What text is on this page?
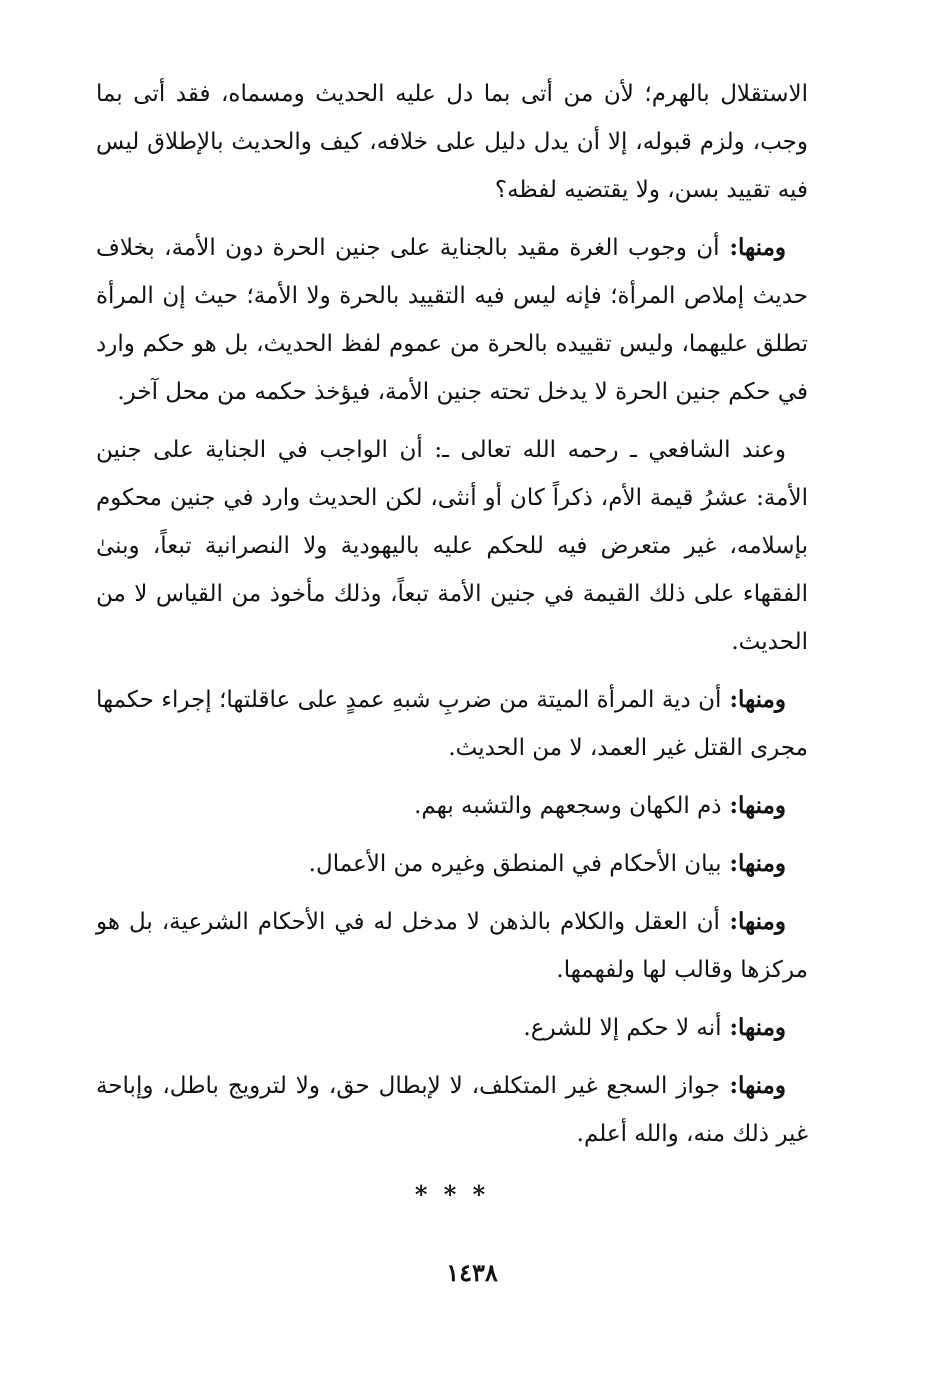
الاستقلال بالهرم؛ لأن من أتى بما دل عليه الحديث ومسماه، فقد أتى بما وجب، ولزم قبوله، إلا أن يدل دليل على خلافه، كيف والحديث بالإطلاق ليس فيه تقييد بسن، ولا يقتضيه لفظه؟

ومنها: أن وجوب الغرة مقيد بالجناية على جنين الحرة دون الأمة، بخلاف حديث إملاص المرأة؛ فإنه ليس فيه التقييد بالحرة ولا الأمة؛ حيث إن المرأة تطلق عليهما، وليس تقييده بالحرة من عموم لفظ الحديث، بل هو حكم وارد في حكم جنين الحرة لا يدخل تحته جنين الأمة، فيؤخذ حكمه من محل آخر.

وعند الشافعي ـ رحمه الله تعالى ـ: أن الواجب في الجناية على جنين الأمة: عشرُ قيمة الأم، ذكراً كان أو أنثى، لكن الحديث وارد في جنين محكوم بإسلامه، غير متعرض فيه للحكم عليه باليهودية ولا النصرانية تبعاً، وبنىٰ الفقهاء على ذلك القيمة في جنين الأمة تبعاً، وذلك مأخوذ من القياس لا من الحديث.

ومنها: أن دية المرأة الميتة من ضربِ شبهِ عمدٍ على عاقلتها؛ إجراء حكمها مجرى القتل غير العمد، لا من الحديث.

ومنها: ذم الكهان وسجعهم والتشبه بهم.

ومنها: بيان الأحكام في المنطق وغيره من الأعمال.

ومنها: أن العقل والكلام بالذهن لا مدخل له في الأحكام الشرعية، بل هو مركزها وقالب لها ولفهمها.

ومنها: أنه لا حكم إلا للشرع.

ومنها: جواز السجع غير المتكلف، لا لإبطال حق، ولا لترويج باطل، وإباحة غير ذلك منه، والله أعلم.

* * *
١٤٣٨
